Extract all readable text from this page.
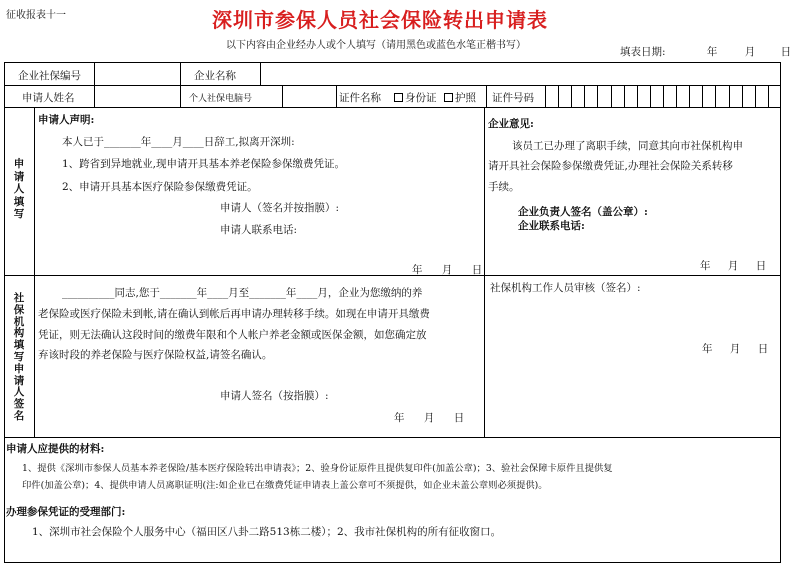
征收报表十一	深圳市参保人员社会保险转出申请表
以下内容由企业经办人或个人填写（请用黑色或蓝色水笔正楷书写）
填表日期:	年	月 日
企业社保编号	企业名称
申请人姓名	个人社保电脑号	证件名称	身份证	护照 证件号码
申请人填写
申请人声明:
本人已于_______年____月____日辞工,拟离开深圳:
1、跨省到异地就业,现申请开具基本养老保险参保缴费凭证。
2、申请开具基本医疗保险参保缴费凭证。
申请人（签名并按指膜）:
申请人联系电话:
年 月 日
企业意见:
该员工已办理了离职手续，同意其向市社保机构申
请开具社会保险参保缴费凭证,办理社会保险关系转移
手续。
企业负责人签名（盖公章）:
企业联系电话:
年 月 日
社保机构填写申请人签名
__________同志,您于_______年____月至_______年____月，企业为您缴纳的养
老保险或医疗保险未到帐,请在确认到帐后再申请办理转移手续。如现在申请开具缴费
凭证，则无法确认这段时间的缴费年限和个人帐户养老金额或医保金额，如您确定放
弃该时段的养老保险与医疗保险权益,请签名确认。
申请人签名（按指膜）:
年 月 日
社保机构工作人员审核（签名）:
年 月 日
申请人应提供的材料:
1、提供《深圳市参保人员基本养老保险/基本医疗保险转出申请表》；2、验身份证原件且提供复印件(加盖公章)；3、验社会保障卡原件且提供复
印件(加盖公章)；4、提供申请人员离职证明(注:如企业已在缴费凭证申请表上盖公章可不须提供，如企业未盖公章则必须提供)。
办理参保凭证的受理部门:
1、深圳市社会保险个人服务中心（福田区八卦二路513栋二楼）；2、我市社保机构的所有征收窗口。
